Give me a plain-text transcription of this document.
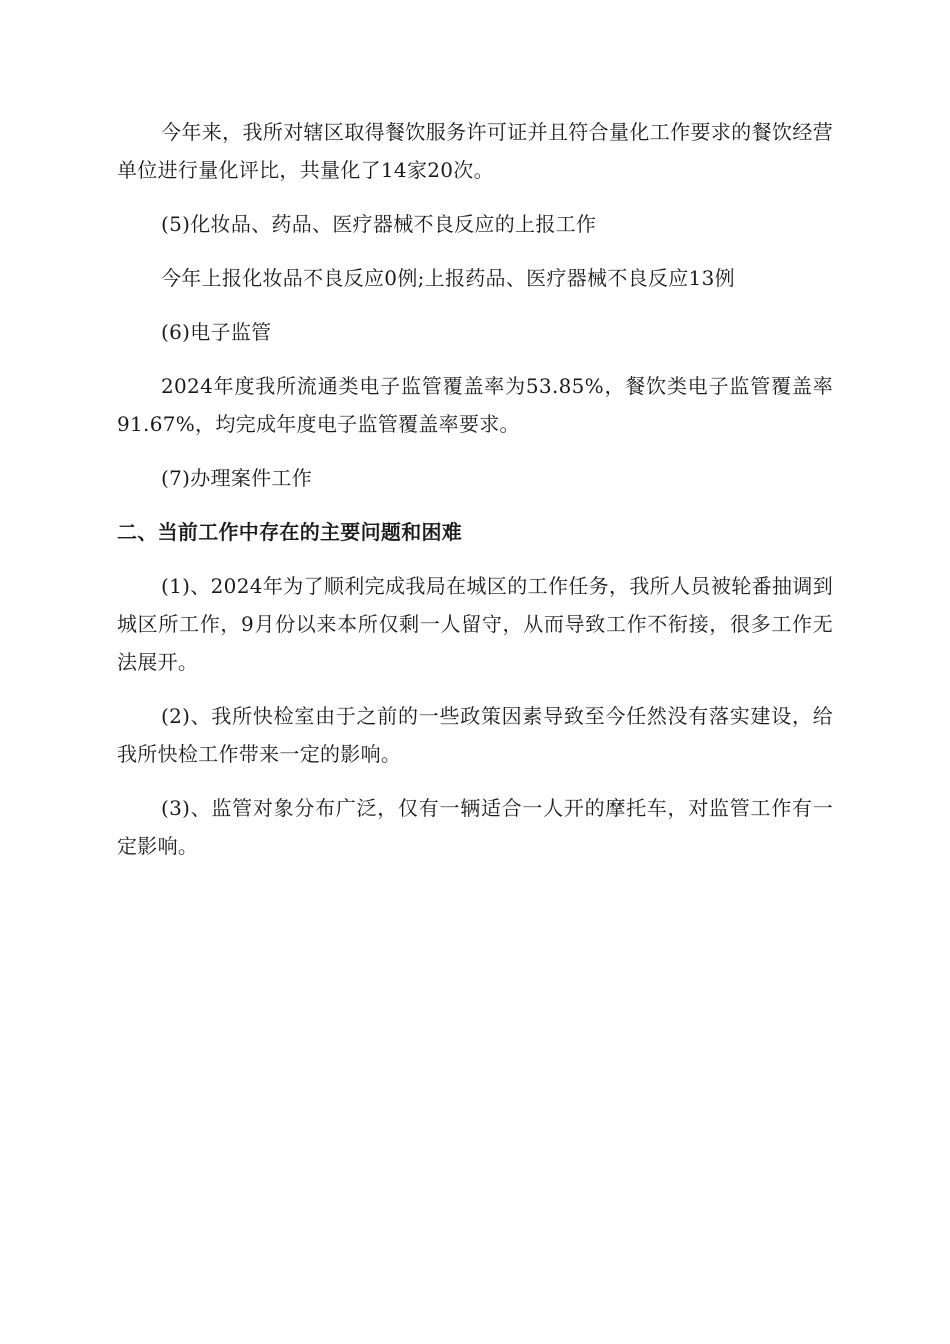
今年来，我所对辖区取得餐饮服务许可证并且符合量化工作要求的餐饮经营单位进行量化评比，共量化了14家20次。

(5)化妆品、药品、医疗器械不良反应的上报工作

今年上报化妆品不良反应0例;上报药品、医疗器械不良反应13例

(6)电子监管

2024年度我所流通类电子监管覆盖率为53.85%，餐饮类电子监管覆盖率91.67%，均完成年度电子监管覆盖率要求。

(7)办理案件工作

二、当前工作中存在的主要问题和困难

(1)、2024年为了顺利完成我局在城区的工作任务，我所人员被轮番抽调到城区所工作，9月份以来本所仅剩一人留守，从而导致工作不衔接，很多工作无法展开。

(2)、我所快检室由于之前的一些政策因素导致至今任然没有落实建设，给我所快检工作带来一定的影响。

(3)、监管对象分布广泛，仅有一辆适合一人开的摩托车，对监管工作有一定影响。
